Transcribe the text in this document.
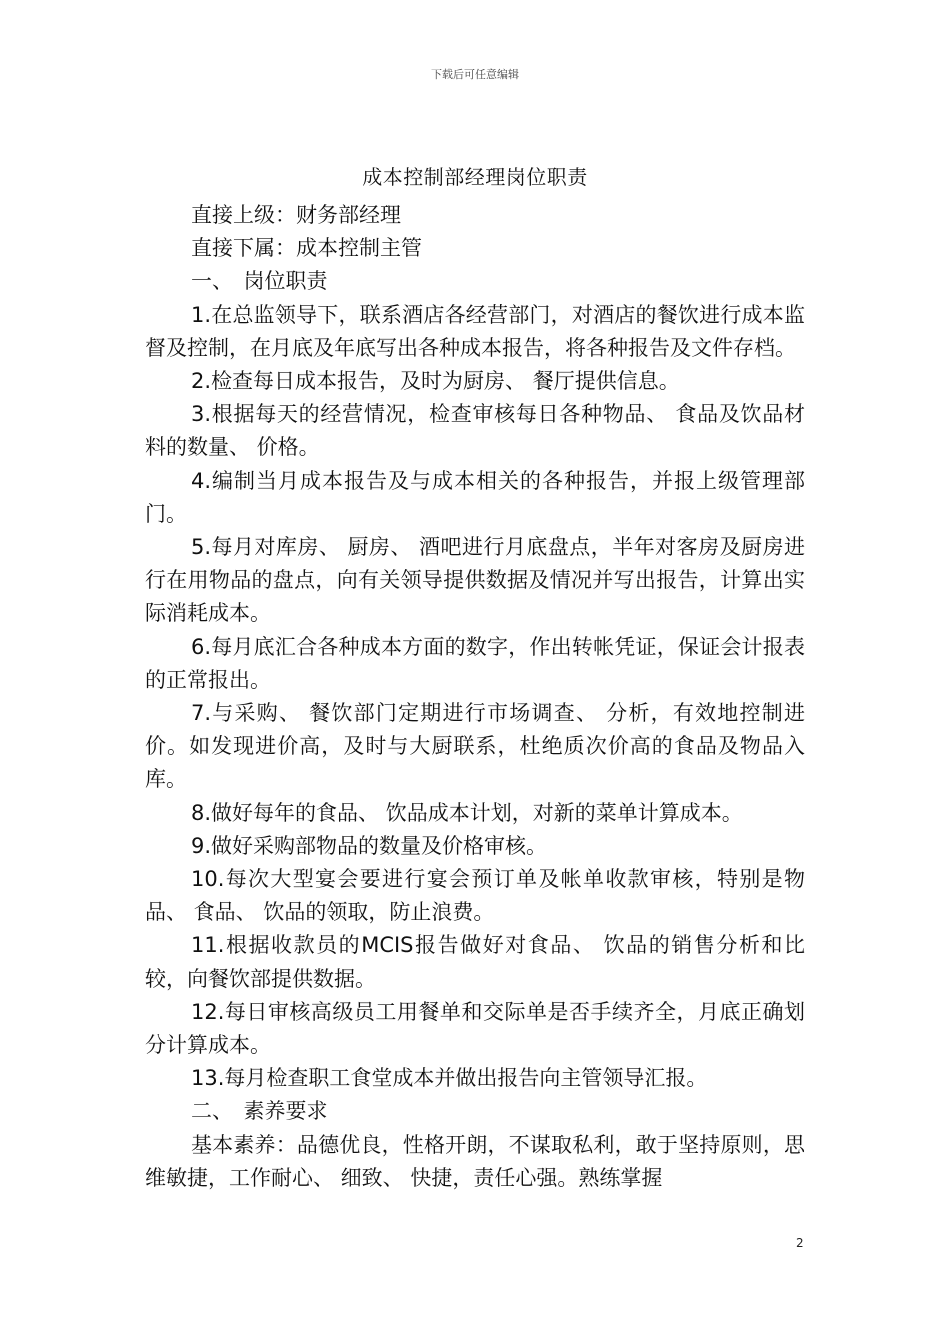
下载后可任意编辑
成本控制部经理岗位职责

直接上级：财务部经理

直接下属：成本控制主管

一、　岗位职责

1.在总监领导下，联系酒店各经营部门，对酒店的餐饮进行成本监督及控制，在月底及年底写出各种成本报告，将各种报告及文件存档。

2.检查每日成本报告，及时为厨房、 餐厅提供信息。

3.根据每天的经营情况，检查审核每日各种物品、 食品及饮品材料的数量、 价格。

4.编制当月成本报告及与成本相关的各种报告，并报上级管理部门。

5.每月对库房、 厨房、 酒吧进行月底盘点，半年对客房及厨房进行在用物品的盘点，向有关领导提供数据及情况并写出报告，计算出实际消耗成本。

6.每月底汇合各种成本方面的数字，作出转帐凭证，保证会计报表的正常报出。

7.与采购、 餐饮部门定期进行市场调查、 分析，有效地控制进价。如发现进价高，及时与大厨联系，杜绝质次价高的食品及物品入库。

8.做好每年的食品、 饮品成本计划，对新的菜单计算成本。

9.做好采购部物品的数量及价格审核。

10.每次大型宴会要进行宴会预订单及帐单收款审核，特别是物品、 食品、 饮品的领取，防止浪费。

11.根据收款员的MCIS报告做好对食品、 饮品的销售分析和比较，向餐饮部提供数据。

12.每日审核高级员工用餐单和交际单是否手续齐全，月底正确划分计算成本。

13.每月检查职工食堂成本并做出报告向主管领导汇报。

二、　素养要求

基本素养：品德优良，性格开朗，不谋取私利，敢于坚持原则，思维敏捷，工作耐心、 细致、 快捷，责任心强。熟练掌握

2
